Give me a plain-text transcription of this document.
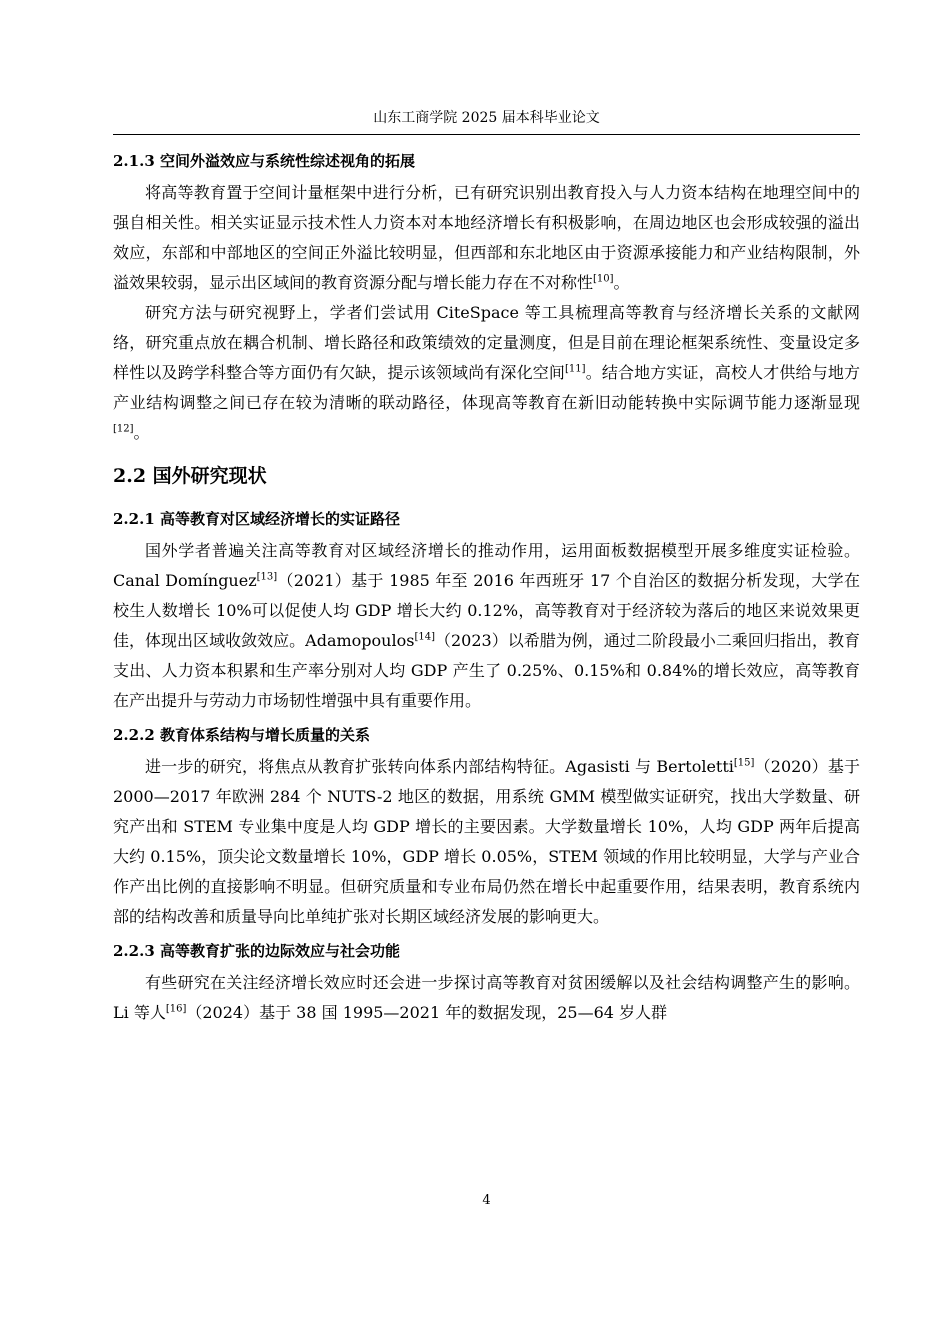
山东工商学院 2025 届本科毕业论文
2.1.3 空间外溢效应与系统性综述视角的拓展

将高等教育置于空间计量框架中进行分析，已有研究识别出教育投入与人力资本结构在地理空间中的强自相关性。相关实证显示技术性人力资本对本地经济增长有积极影响，在周边地区也会形成较强的溢出效应，东部和中部地区的空间正外溢比较明显，但西部和东北地区由于资源承接能力和产业结构限制，外溢效果较弱，显示出区域间的教育资源分配与增长能力存在不对称性[10]。

研究方法与研究视野上，学者们尝试用 CiteSpace 等工具梳理高等教育与经济增长关系的文献网络，研究重点放在耦合机制、增长路径和政策绩效的定量测度，但是目前在理论框架系统性、变量设定多样性以及跨学科整合等方面仍有欠缺，提示该领域尚有深化空间[11]。结合地方实证，高校人才供给与地方产业结构调整之间已存在较为清晰的联动路径，体现高等教育在新旧动能转换中实际调节能力逐渐显现[12]。

2.2 国外研究现状
2.2.1 高等教育对区域经济增长的实证路径

国外学者普遍关注高等教育对区域经济增长的推动作用，运用面板数据模型开展多维度实证检验。Canal Domínguez[13]（2021）基于 1985 年至 2016 年西班牙 17 个自治区的数据分析发现，大学在校生人数增长 10%可以促使人均 GDP 增长大约 0.12%，高等教育对于经济较为落后的地区来说效果更佳，体现出区域收敛效应。Adamopoulos[14]（2023）以希腊为例，通过二阶段最小二乘回归指出，教育支出、人力资本积累和生产率分别对人均 GDP 产生了 0.25%、0.15%和 0.84%的增长效应，高等教育在产出提升与劳动力市场韧性增强中具有重要作用。

2.2.2 教育体系结构与增长质量的关系

进一步的研究，将焦点从教育扩张转向体系内部结构特征。Agasisti 与 Bertoletti[15]（2020）基于 2000—2017 年欧洲 284 个 NUTS-2 地区的数据，用系统 GMM 模型做实证研究，找出大学数量、研究产出和 STEM 专业集中度是人均 GDP 增长的主要因素。大学数量增长 10%，人均 GDP 两年后提高大约 0.15%，顶尖论文数量增长 10%，GDP 增长 0.05%，STEM 领域的作用比较明显，大学与产业合作产出比例的直接影响不明显。但研究质量和专业布局仍然在增长中起重要作用，结果表明，教育系统内部的结构改善和质量导向比单纯扩张对长期区域经济发展的影响更大。

2.2.3 高等教育扩张的边际效应与社会功能

有些研究在关注经济增长效应时还会进一步探讨高等教育对贫困缓解以及社会结构调整产生的影响。Li 等人[16]（2024）基于 38 国 1995—2021 年的数据发现，25—64 岁人群

4
